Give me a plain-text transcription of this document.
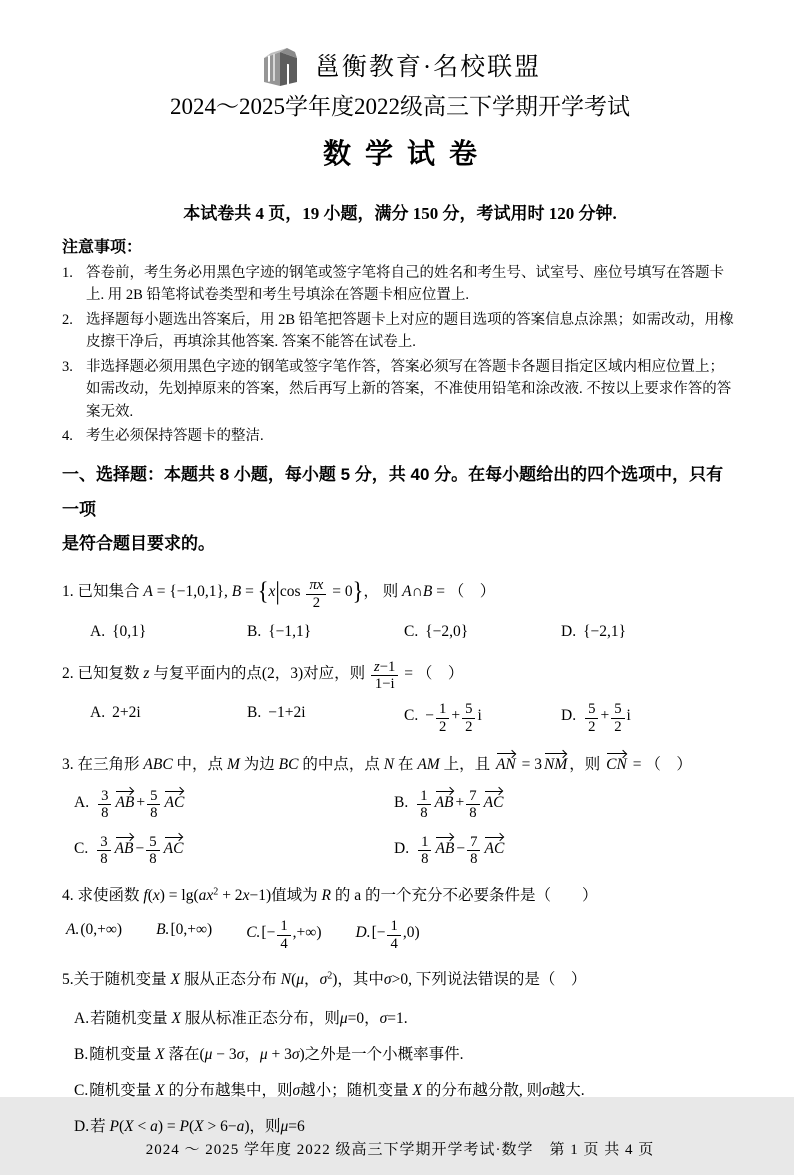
邕衡教育·名校联盟
2024～2025学年度2022级高三下学期开学考试
数学试卷
本试卷共 4 页，19 小题，满分 150 分，考试用时 120 分钟.
注意事项：
1. 答卷前，考生务必用黑色字迹的钢笔或签字笔将自己的姓名和考生号、试室号、座位号填写在答题卡上. 用 2B 铅笔将试卷类型和考生号填涂在答题卡相应位置上.
2. 选择题每小题选出答案后，用 2B 铅笔把答题卡上对应的题目选项的答案信息点涂黑；如需改动，用橡皮擦干净后，再填涂其他答案. 答案不能答在试卷上.
3. 非选择题必须用黑色字迹的钢笔或签字笔作答，答案必须写在答题卡各题目指定区域内相应位置上；如需改动，先划掉原来的答案，然后再写上新的答案，不准使用铅笔和涂改液. 不按以上要求作答的答案无效.
4. 考生必须保持答题卡的整洁.
一、选择题：本题共 8 小题，每小题 5 分，共 40 分。在每小题给出的四个选项中，只有一项
是符合题目要求的。
1. 已知集合 A = {−1,0,1}, $B = \{x|\cos \frac{\pi x}{2} = 0\}$， 则 A∩B = （　）
A. {0,1}	B. {−1,1}	C. {−2,0}	D. {−2,1}
2. 已知复数 z 与复平面内的点(2，3)对应，则 $\frac{z-1}{1-i}$ = （　）
A. 2+2i	B. −1+2i	C. − $\frac{1}{2} + \frac{5}{2}$ i	D. $\frac{5}{2} + \frac{5}{2}$ i
3. 在三角形 ABC 中，点 M 为边 BC 的中点，点 N 在 AM 上，且 AN = 3 NM ，则 CN = （　）
A. $\frac{3}{8}$ AB + $\frac{5}{8}$ AC	B. $\frac{1}{8}$ AB + $\frac{7}{8}$ AC
C. $\frac{3}{8}$ AB − $\frac{5}{8}$ AC	D. $\frac{1}{8}$ AB − $\frac{7}{8}$ AC
4. 求使函数 $f(x) = \lg(ax^2 + 2x-1)$值域为 R 的 a 的一个充分不必要条件是（　　）
A.(0,+∞) B.[0,+∞) $C.[- \frac{1}{4}$ ,+∞) $D.[- \frac{1}{4} ,0)$
5.关于随机变量 X 服从正态分布 N(μ，$\sigma^2$)，其中σ>0, 下列说法错误的是（　）
A.若随机变量 X 服从标准正态分布，则μ=0，σ=1.
B.随机变量 X 落在(μ − 3σ，μ + 3σ)之外是一个小概率事件.
C.随机变量 X 的分布越集中，则σ越小；随机变量 X 的分布越分散, 则σ越大.
D.若 P(X < a) = P(X > 6−a)，则μ=6
2024 ～ 2025 学年度 2022 级高三下学期开学考试·数学　第 1 页 共 4 页
